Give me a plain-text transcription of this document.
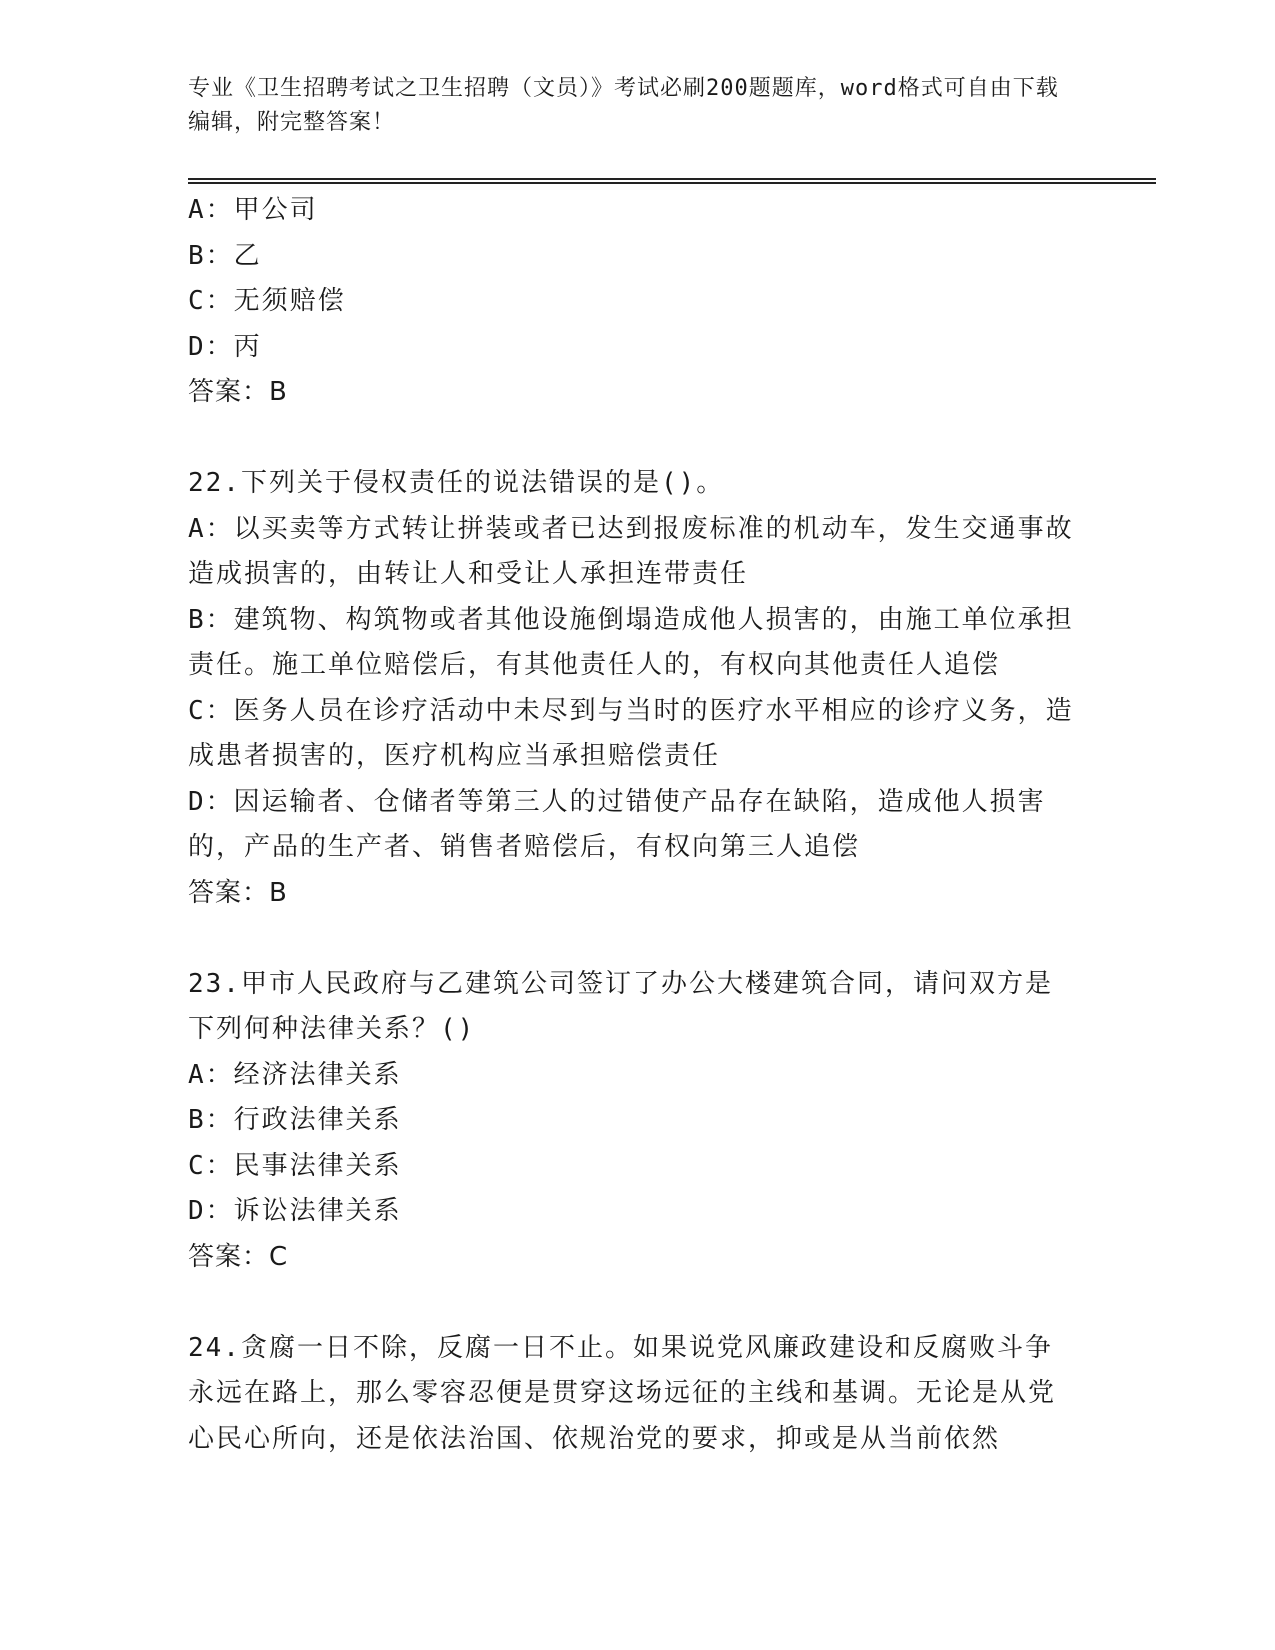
专业《卫生招聘考试之卫生招聘（文员）》考试必刷200题题库，word格式可自由下载编辑，附完整答案！
A：甲公司
B：乙
C：无须赔偿
D：丙
答案：B
22.下列关于侵权责任的说法错误的是()。
A：以买卖等方式转让拼装或者已达到报废标准的机动车，发生交通事故造成损害的，由转让人和受让人承担连带责任
B：建筑物、构筑物或者其他设施倒塌造成他人损害的，由施工单位承担责任。施工单位赔偿后，有其他责任人的，有权向其他责任人追偿
C：医务人员在诊疗活动中未尽到与当时的医疗水平相应的诊疗义务，造成患者损害的，医疗机构应当承担赔偿责任
D：因运输者、仓储者等第三人的过错使产品存在缺陷，造成他人损害的，产品的生产者、销售者赔偿后，有权向第三人追偿
答案：B
23.甲市人民政府与乙建筑公司签订了办公大楼建筑合同，请问双方是下列何种法律关系？()
A：经济法律关系
B：行政法律关系
C：民事法律关系
D：诉讼法律关系
答案：C
24.贪腐一日不除，反腐一日不止。如果说党风廉政建设和反腐败斗争永远在路上，那么零容忍便是贯穿这场远征的主线和基调。无论是从党心民心所向，还是依法治国、依规治党的要求，抑或是从当前依然
